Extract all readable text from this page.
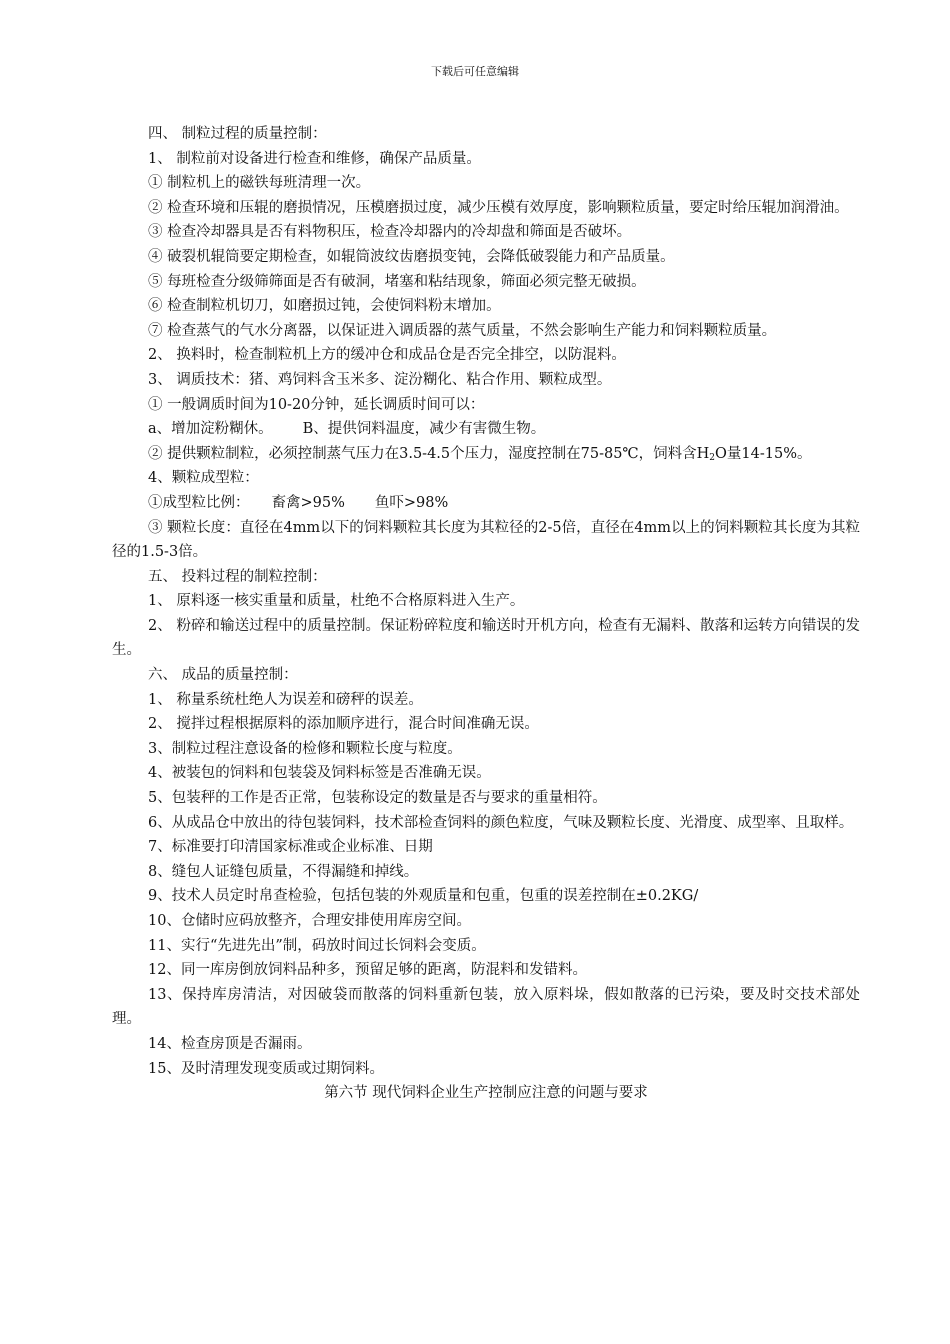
下载后可任意编辑

四、 制粒过程的质量控制：

1、 制粒前对设备进行检查和维修，确保产品质量。

① 制粒机上的磁铁每班清理一次。

② 检查环境和压辊的磨损情况，压模磨损过度，减少压模有效厚度，影响颗粒质量，要定时给压辊加润滑油。

③ 检查冷却器具是否有料物积压，检查冷却器内的冷却盘和筛面是否破坏。

④ 破裂机辊筒要定期检查，如辊筒波纹齿磨损变钝，会降低破裂能力和产品质量。

⑤ 每班检查分级筛筛面是否有破洞，堵塞和粘结现象，筛面必须完整无破损。

⑥ 检查制粒机切刀，如磨损过钝，会使饲料粉末增加。

⑦ 检查蒸气的气水分离器，以保证进入调质器的蒸气质量，不然会影响生产能力和饲料颗粒质量。

2、 换料时，检查制粒机上方的缓冲仓和成品仓是否完全排空，以防混料。

3、 调质技术：猪、鸡饲料含玉米多、淀汾糊化、粘合作用、颗粒成型。

① 一般调质时间为10-20分钟，延长调质时间可以：

a、增加淀粉糊休。 B、提供饲料温度，减少有害微生物。

② 提供颗粒制粒，必须控制蒸气压力在3.5-4.5个压力，湿度控制在75-85℃，饲料含$H_2O$量14-15%。

4、颗粒成型粒：

①成型粒比例： 畜禽>95% 鱼吓>98%

③ 颗粒长度：直径在4mm以下的饲料颗粒其长度为其粒径的2-5倍，直径在4mm以上的饲料颗粒其长度为其粒径的1.5-3倍。

五、 投料过程的制粒控制：

1、 原料逐一核实重量和质量，杜绝不合格原料进入生产。

2、 粉碎和输送过程中的质量控制。保证粉碎粒度和输送时开机方向，检查有无漏料、散落和运转方向错误的发生。

六、 成品的质量控制：

1、 称量系统杜绝人为误差和磅秤的误差。

2、 搅拌过程根据原料的添加顺序进行，混合时间准确无误。

3、制粒过程注意设备的检修和颗粒长度与粒度。

4、被装包的饲料和包装袋及饲料标签是否准确无误。

5、包装秤的工作是否正常，包装称设定的数量是否与要求的重量相符。

6、从成品仓中放出的待包装饲料，技术部检查饲料的颜色粒度，气味及颗粒长度、光滑度、成型率、且取样。

7、标准要打印清国家标准或企业标准、日期

8、缝包人证缝包质量，不得漏缝和掉线。

9、技术人员定时帛查检验，包括包装的外观质量和包重，包重的误差控制在±0.2KG/

10、仓储时应码放整齐，合理安排使用库房空间。

11、实行“先进先出”制，码放时间过长饲料会变质。

12、同一库房倒放饲料品种多，预留足够的距离，防混料和发错料。

13、保持库房清洁，对因破袋而散落的饲料重新包装，放入原料垛，假如散落的已污染，要及时交技术部处理。

14、检查房顶是否漏雨。

15、及时清理发现变质或过期饲料。

第六节 现代饲料企业生产控制应注意的问题与要求
